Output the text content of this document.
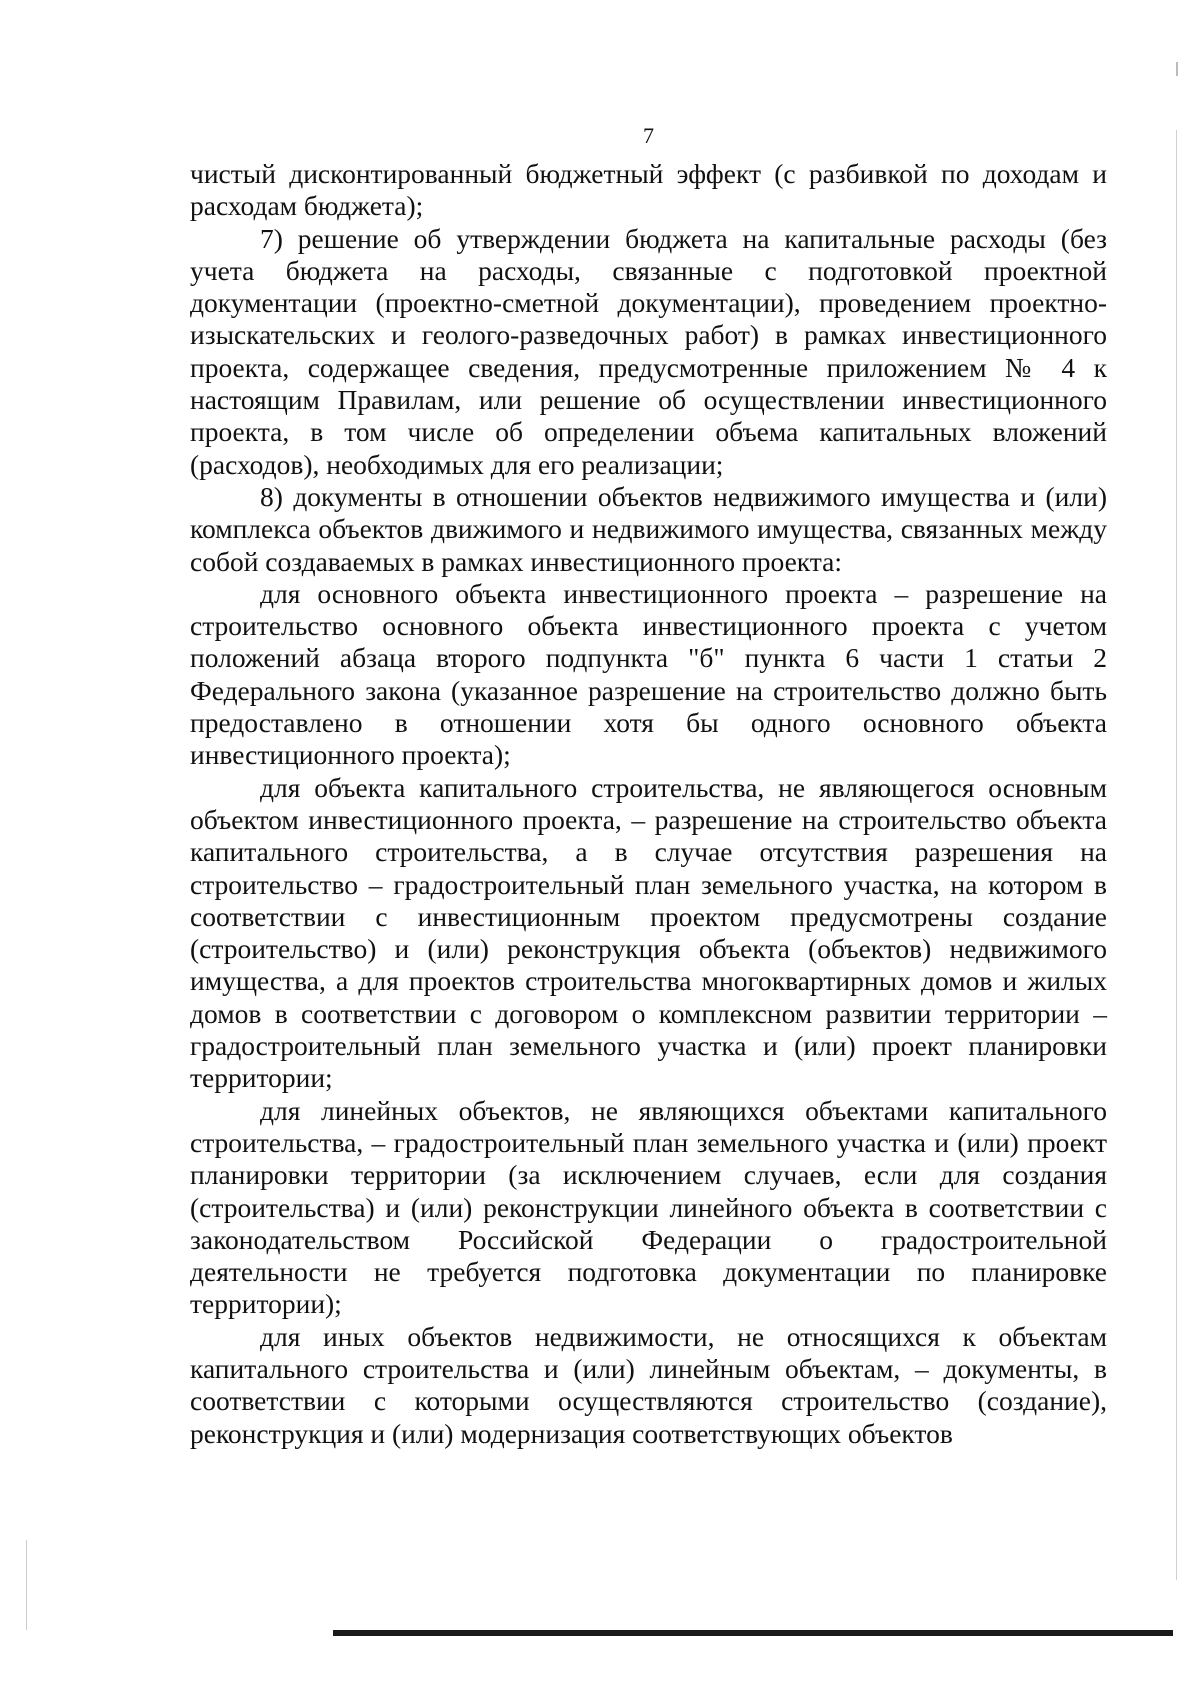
7

чистый дисконтированный бюджетный эффект (с разбивкой по доходам и расходам бюджета);

7) решение об утверждении бюджета на капитальные расходы (без учета бюджета на расходы, связанные с подготовкой проектной документации (проектно-сметной документации), проведением проектно-изыскательских и геолого-разведочных работ) в рамках инвестиционного проекта, содержащее сведения, предусмотренные приложением № 4 к настоящим Правилам, или решение об осуществлении инвестиционного проекта, в том числе об определении объема капитальных вложений (расходов), необходимых для его реализации;

8) документы в отношении объектов недвижимого имущества и (или) комплекса объектов движимого и недвижимого имущества, связанных между собой создаваемых в рамках инвестиционного проекта:

для основного объекта инвестиционного проекта – разрешение на строительство основного объекта инвестиционного проекта с учетом положений абзаца второго подпункта "б" пункта 6 части 1 статьи 2 Федерального закона (указанное разрешение на строительство должно быть предоставлено в отношении хотя бы одного основного объекта инвестиционного проекта);

для объекта капитального строительства, не являющегося основным объектом инвестиционного проекта, – разрешение на строительство объекта капитального строительства, а в случае отсутствия разрешения на строительство – градостроительный план земельного участка, на котором в соответствии с инвестиционным проектом предусмотрены создание (строительство) и (или) реконструкция объекта (объектов) недвижимого имущества, а для проектов строительства многоквартирных домов и жилых домов в соответствии с договором о комплексном развитии территории – градостроительный план земельного участка и (или) проект планировки территории;

для линейных объектов, не являющихся объектами капитального строительства, – градостроительный план земельного участка и (или) проект планировки территории (за исключением случаев, если для создания (строительства) и (или) реконструкции линейного объекта в соответствии с законодательством Российской Федерации о градостроительной деятельности не требуется подготовка документации по планировке территории);

для иных объектов недвижимости, не относящихся к объектам капитального строительства и (или) линейным объектам, – документы, в соответствии с которыми осуществляются строительство (создание), реконструкция и (или) модернизация соответствующих объектов
